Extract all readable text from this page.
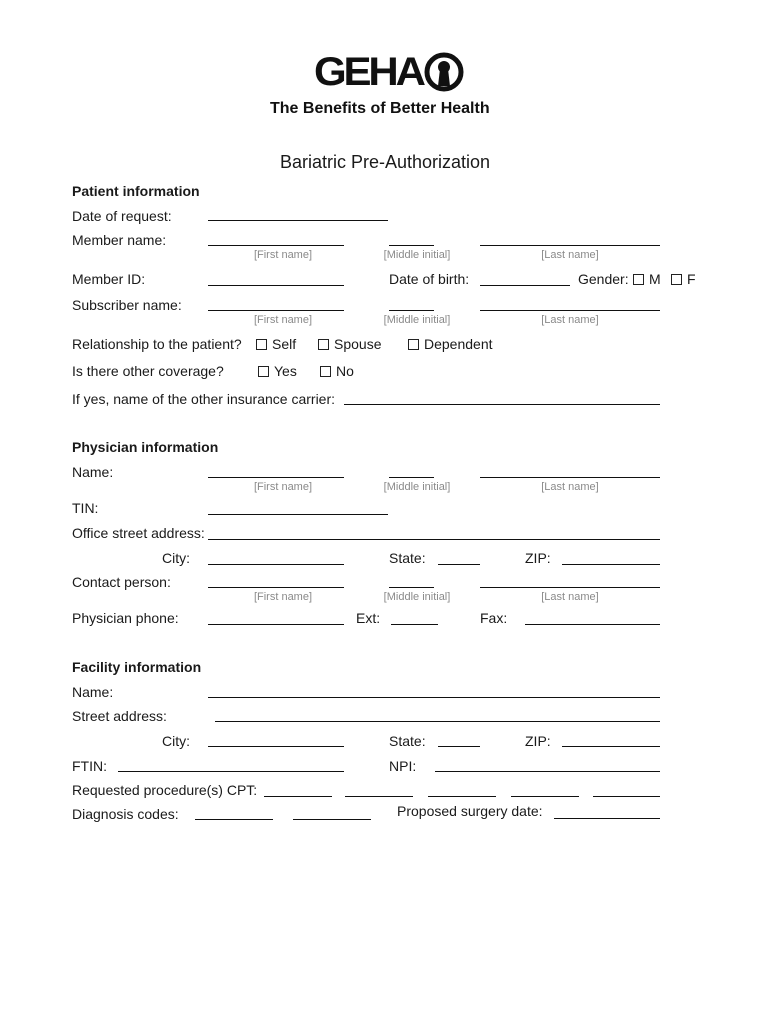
GEHA
The Benefits of Better Health
Bariatric Pre-Authorization
Patient information
Date of request:
Member name:
[First name]	[Middle initial]	[Last name]
Member ID:	Date of birth:	Gender: M F
Subscriber name:
[First name]	[Middle initial]	[Last name]
Relationship to the patient? Self	Spouse	Dependent
Is there other coverage?	Yes	No
If yes, name of the other insurance carrier:
Physician information
Name:
[First name]	[Middle initial]	[Last name]
TIN:
Office street address:
City:	State:	ZIP:
Contact person:
[First name]	[Middle initial]	[Last name]
Physician phone:	Ext:	Fax:
Facility information
Name:
Street address:
City:	State:	ZIP:
FTIN:	NPI:
Requested procedure(s) CPT:
Diagnosis codes:	Proposed surgery date:
